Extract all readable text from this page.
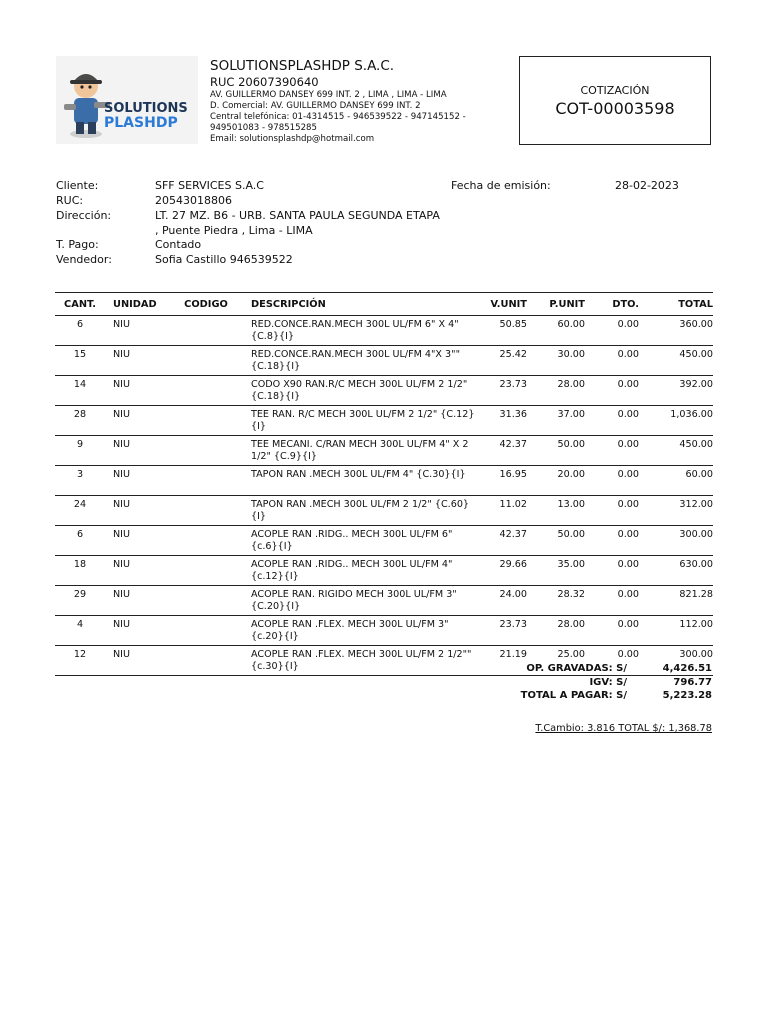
SOLUTIONS
PLASHDP
SOLUTIONSPLASHDP S.A.C.
RUC 20607390640
AV. GUILLERMO DANSEY 699 INT. 2 , LIMA , LIMA - LIMA
D. Comercial: AV. GUILLERMO DANSEY 699 INT. 2
Central telefónica: 01-4314515 - 946539522 - 947145152 - 949501083 - 978515285
Email: solutionsplashdp@hotmail.com
COTIZACIÓN
COT-00003598
Cliente:	SFF SERVICES S.A.C
RUC:	20543018806
Dirección:	LT. 27 MZ. B6 - URB. SANTA PAULA SEGUNDA ETAPA , Puente Piedra , Lima - LIMA
T. Pago:	Contado
Vendedor:	Sofia Castillo 946539522
Fecha de emisión:	28-02-2023
CANT.	UNIDAD	CODIGO	DESCRIPCIÓN	V.UNIT	P.UNIT	DTO.	TOTAL
6	NIU		RED.CONCE.RAN.MECH 300L UL/FM 6" X 4" {C.8}{I}	50.85	60.00	0.00	360.00
15	NIU		RED.CONCE.RAN.MECH 300L UL/FM 4"X 3""{C.18}{I}	25.42	30.00	0.00	450.00
14	NIU		CODO X90 RAN.R/C MECH 300L UL/FM 2 1/2" {C.18}{I}	23.73	28.00	0.00	392.00
28	NIU		TEE RAN. R/C MECH 300L UL/FM 2 1/2" {C.12}{I}	31.36	37.00	0.00	1,036.00
9	NIU		TEE MECANI. C/RAN MECH 300L UL/FM 4" X 2 1/2" {C.9}{I}	42.37	50.00	0.00	450.00
3	NIU		TAPON RAN .MECH 300L UL/FM 4" {C.30}{I}	16.95	20.00	0.00	60.00
24	NIU		TAPON RAN .MECH 300L UL/FM 2 1/2" {C.60}{I}	11.02	13.00	0.00	312.00
6	NIU		ACOPLE RAN .RIDG.. MECH 300L UL/FM 6"{c.6}{I}	42.37	50.00	0.00	300.00
18	NIU		ACOPLE RAN .RIDG.. MECH 300L UL/FM 4"{c.12}{I}	29.66	35.00	0.00	630.00
29	NIU		ACOPLE RAN. RIGIDO MECH 300L UL/FM 3" {C.20}{I}	24.00	28.32	0.00	821.28
4	NIU		ACOPLE RAN .FLEX. MECH 300L UL/FM 3"{c.20}{I}	23.73	28.00	0.00	112.00
12	NIU		ACOPLE RAN .FLEX. MECH 300L UL/FM 2 1/2""{c.30}{I}	21.19	25.00	0.00	300.00
OP. GRAVADAS: S/	4,426.51
IGV: S/	796.77
TOTAL A PAGAR: S/	5,223.28
T.Cambio: 3.816 TOTAL $/: 1,368.78
